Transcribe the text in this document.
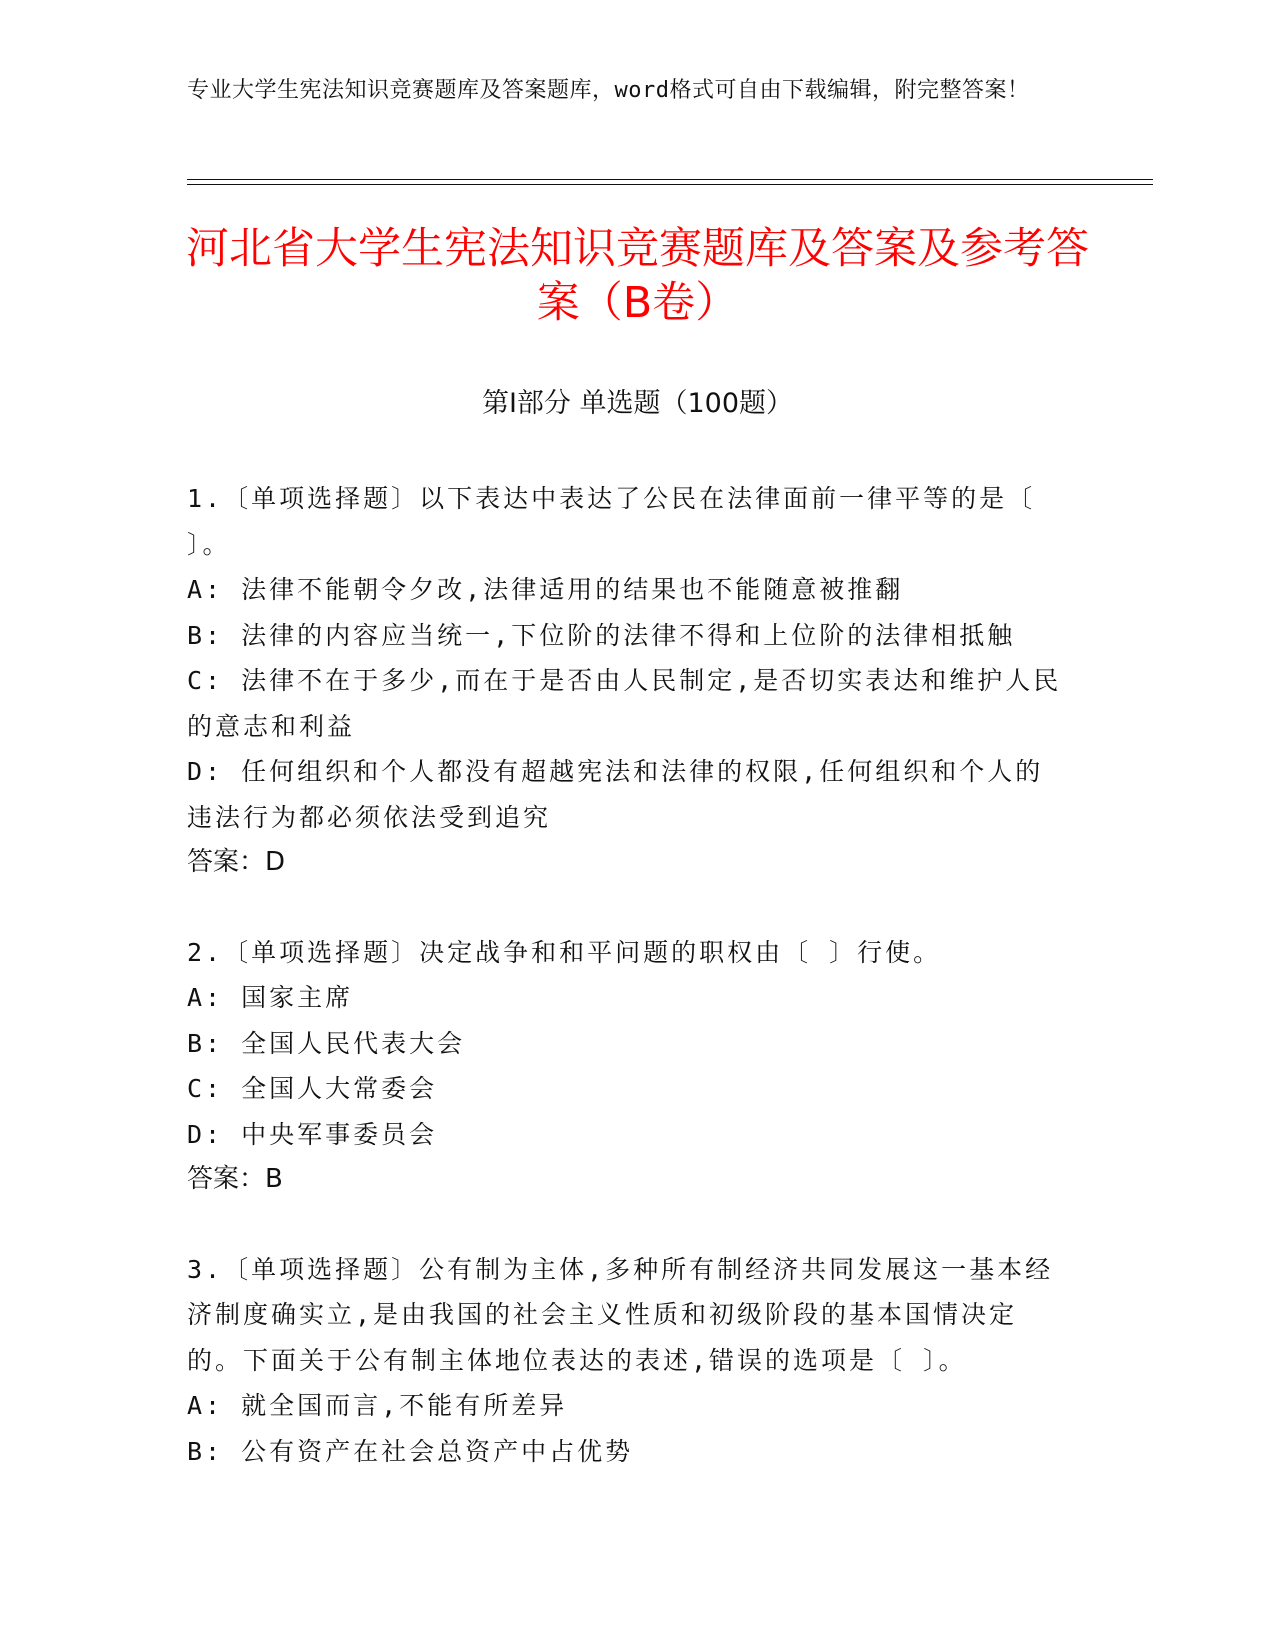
专业大学生宪法知识竞赛题库及答案题库，word格式可自由下载编辑，附完整答案！
河北省大学生宪法知识竞赛题库及答案及参考答案（B卷）
第Ⅰ部分 单选题（100题）
1.〔单项选择题〕以下表达中表达了公民在法律面前一律平等的是〔 〕。
A: 法律不能朝令夕改,法律适用的结果也不能随意被推翻
B: 法律的内容应当统一,下位阶的法律不得和上位阶的法律相抵触
C: 法律不在于多少,而在于是否由人民制定,是否切实表达和维护人民的意志和利益
D: 任何组织和个人都没有超越宪法和法律的权限,任何组织和个人的违法行为都必须依法受到追究
答案：D
2.〔单项选择题〕决定战争和和平问题的职权由〔 〕行使。
A: 国家主席
B: 全国人民代表大会
C: 全国人大常委会
D: 中央军事委员会
答案：B
3.〔单项选择题〕公有制为主体,多种所有制经济共同发展这一基本经济制度确实立,是由我国的社会主义性质和初级阶段的基本国情决定的。下面关于公有制主体地位表达的表述,错误的选项是〔 〕。
A: 就全国而言,不能有所差异
B: 公有资产在社会总资产中占优势
